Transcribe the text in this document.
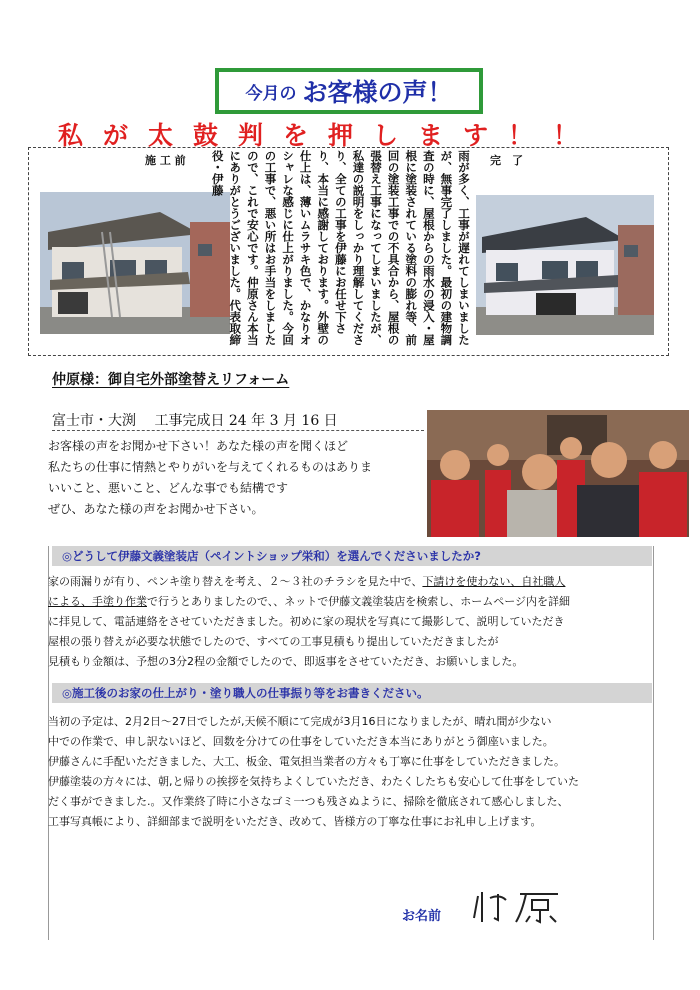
今月の お客様の声！
私が太鼓判を押します！！
施 工 前	完　了
雨が多く、工事が遅れてしまいましたが、無事完了しました。最初の建物調査の時に、屋根からの雨水の浸入・屋根に塗装されている塗料の膨れ等、前回の塗装工事での不具合から、屋根の張替え工事になってしまいましたが、私達の説明をしっかり理解してくださり、全ての工事を伊藤にお任せ下さり、本当に感謝しております。外壁の仕上は、薄いムラサキ色で、かなりオシャレな感じに仕上がりました。今回の工事で、悪い所はお手当をしましたので、これで安心です。仲原さん本当にありがとうございました。代表取締役・伊藤
仲原様：御自宅外部塗替えリフォーム
富士市・大渕　 工事完成日 24 年 3 月 16 日
お客様の声をお聞かせ下さい！あなた様の声を聞くほど
私たちの仕事に情熱とやりがいを与えてくれるものはありま
いいこと、悪いこと、どんな事でも結構です
ぜひ、あなた様の声をお聞かせ下さい。
◎どうして伊藤文義塗装店（ペイントショップ栄和）を選んでくださいましたか?
家の雨漏りが有り、ペンキ塗り替えを考え、２～３社のチラシを見た中で、下請けを使わない、自社職人
による、手塗り作業で行うとありましたので、、ネットで伊藤文義塗装店を検索し、ホームページ内を詳細
に拝見して、電話連絡をさせていただきました。初めに家の現状を写真にて撮影して、説明していただき
屋根の張り替えが必要な状態でしたので、すべての工事見積もり提出していただきましたが
見積もり金額は、予想の3分2程の金額でしたので、即返事をさせていただき、お願いしました。
◎施工後のお家の仕上がり・塗り職人の仕事振り等をお書きください。
当初の予定は、2月2日～27日でしたが,天候不順にて完成が3月16日になりましたが、晴れ間が少ない
中での作業で、申し訳ないほど、回数を分けての仕事をしていただき本当にありがとう御座いました。
伊藤さんに手配いただきました、大工、板金、電気担当業者の方々も丁寧に仕事をしていただきました。
伊藤塗装の方々には、朝,と帰りの挨拶を気持ちよくしていただき、わたくしたちも安心して仕事をしていた
だく事ができました.。又作業終了時に小さなゴミ一つも残さぬように、掃除を徹底されて感心しました、
工事写真帳により、詳細部まで説明をいただき、改めて、皆様方の丁寧な仕事にお礼申し上げます。
お名前
